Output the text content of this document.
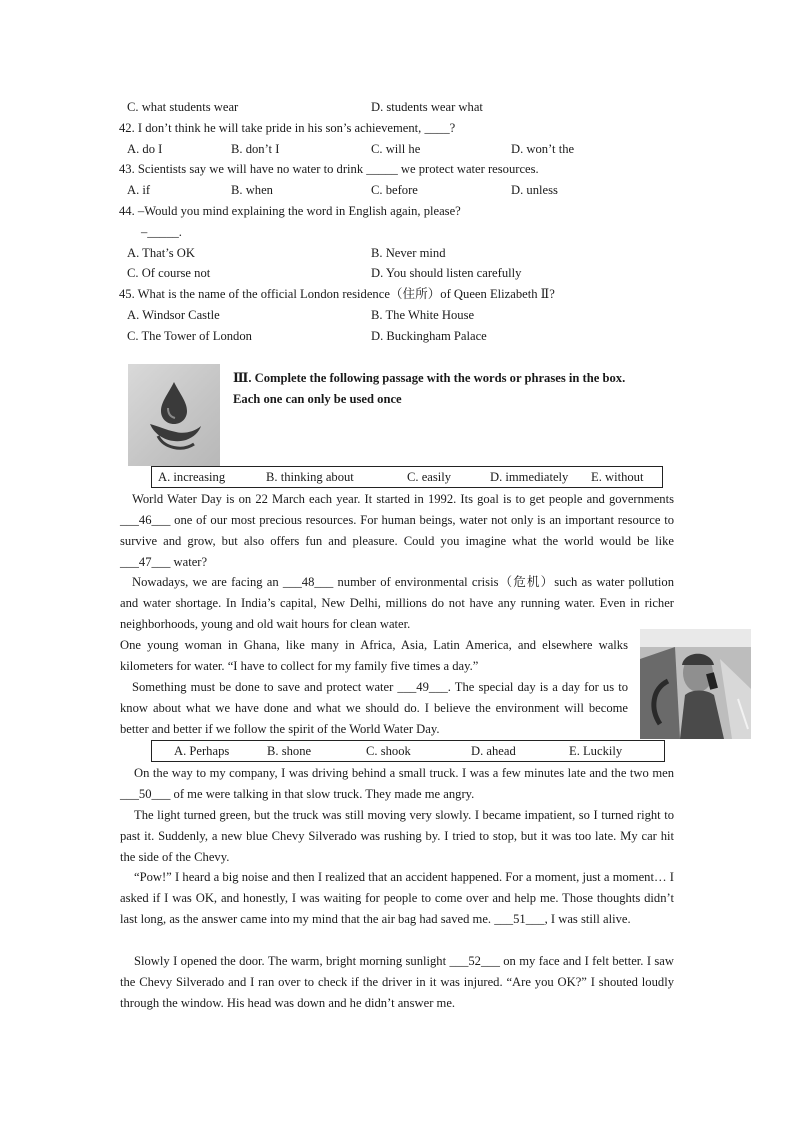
C. what students wear	D. students wear what
42. I don’t think he will take pride in his son’s achievement, ____?
A. do I	B. don’t I	C. will he	D. won’t the
43. Scientists say we will have no water to drink _____ we protect water resources.
A. if	B. when	C. before	D. unless
44. –Would you mind explaining the word in English again, please?
–_____.
A. That’s OK	B. Never mind
C. Of course not	D. You should listen carefully
45. What is the name of the official London residence（住所）of Queen Elizabeth Ⅱ?
A. Windsor Castle	B. The White House
C. The Tower of London	D. Buckingham Palace
Ⅲ. Complete the following passage with the words or phrases in the box.
Each one can only be used once
A. increasing	B. thinking about	C. easily	D. immediately E. without

World Water Day is on 22 March each year. It started in 1992. Its goal is to get people and governments ___46___ one of our most precious resources. For human beings, water not only is an important resource to survive and grow, but also offers fun and pleasure. Could you imagine what the world would be like ___47___ water?

Nowadays, we are facing an ___48___ number of environmental crisis（危机）such as water pollution and water shortage. In India’s capital, New Delhi, millions do not have any running water. Even in richer neighborhoods, young and old wait hours for clean water.

One young woman in Ghana, like many in Africa, Asia, Latin America, and elsewhere walks kilometers for water. “I have to collect for my family five times a day.”

Something must be done to save and protect water ___49___. The special day is a day for us to know about what we have done and what we should do. I believe the environment will become better and better if we follow the spirit of the World Water Day.

A. Perhaps	B. shone	C. shook	D. ahead	E. Luckily

On the way to my company, I was driving behind a small truck. I was a few minutes late and the two men ___50___ of me were talking in that slow truck. They made me angry.

The light turned green, but the truck was still moving very slowly. I became impatient, so I turned right to past it. Suddenly, a new blue Chevy Silverado was rushing by. I tried to stop, but it was too late. My car hit the side of the Chevy.

“Pow!” I heard a big noise and then I realized that an accident happened. For a moment, just a moment… I asked if I was OK, and honestly, I was waiting for people to come over and help me. Those thoughts didn’t last long, as the answer came into my mind that the air bag had saved me. ___51___, I was still alive.

Slowly I opened the door. The warm, bright morning sunlight ___52___ on my face and I felt better. I saw the Chevy Silverado and I ran over to check if the driver in it was injured. “Are you OK?” I shouted loudly through the window. His head was down and he didn’t answer me.
